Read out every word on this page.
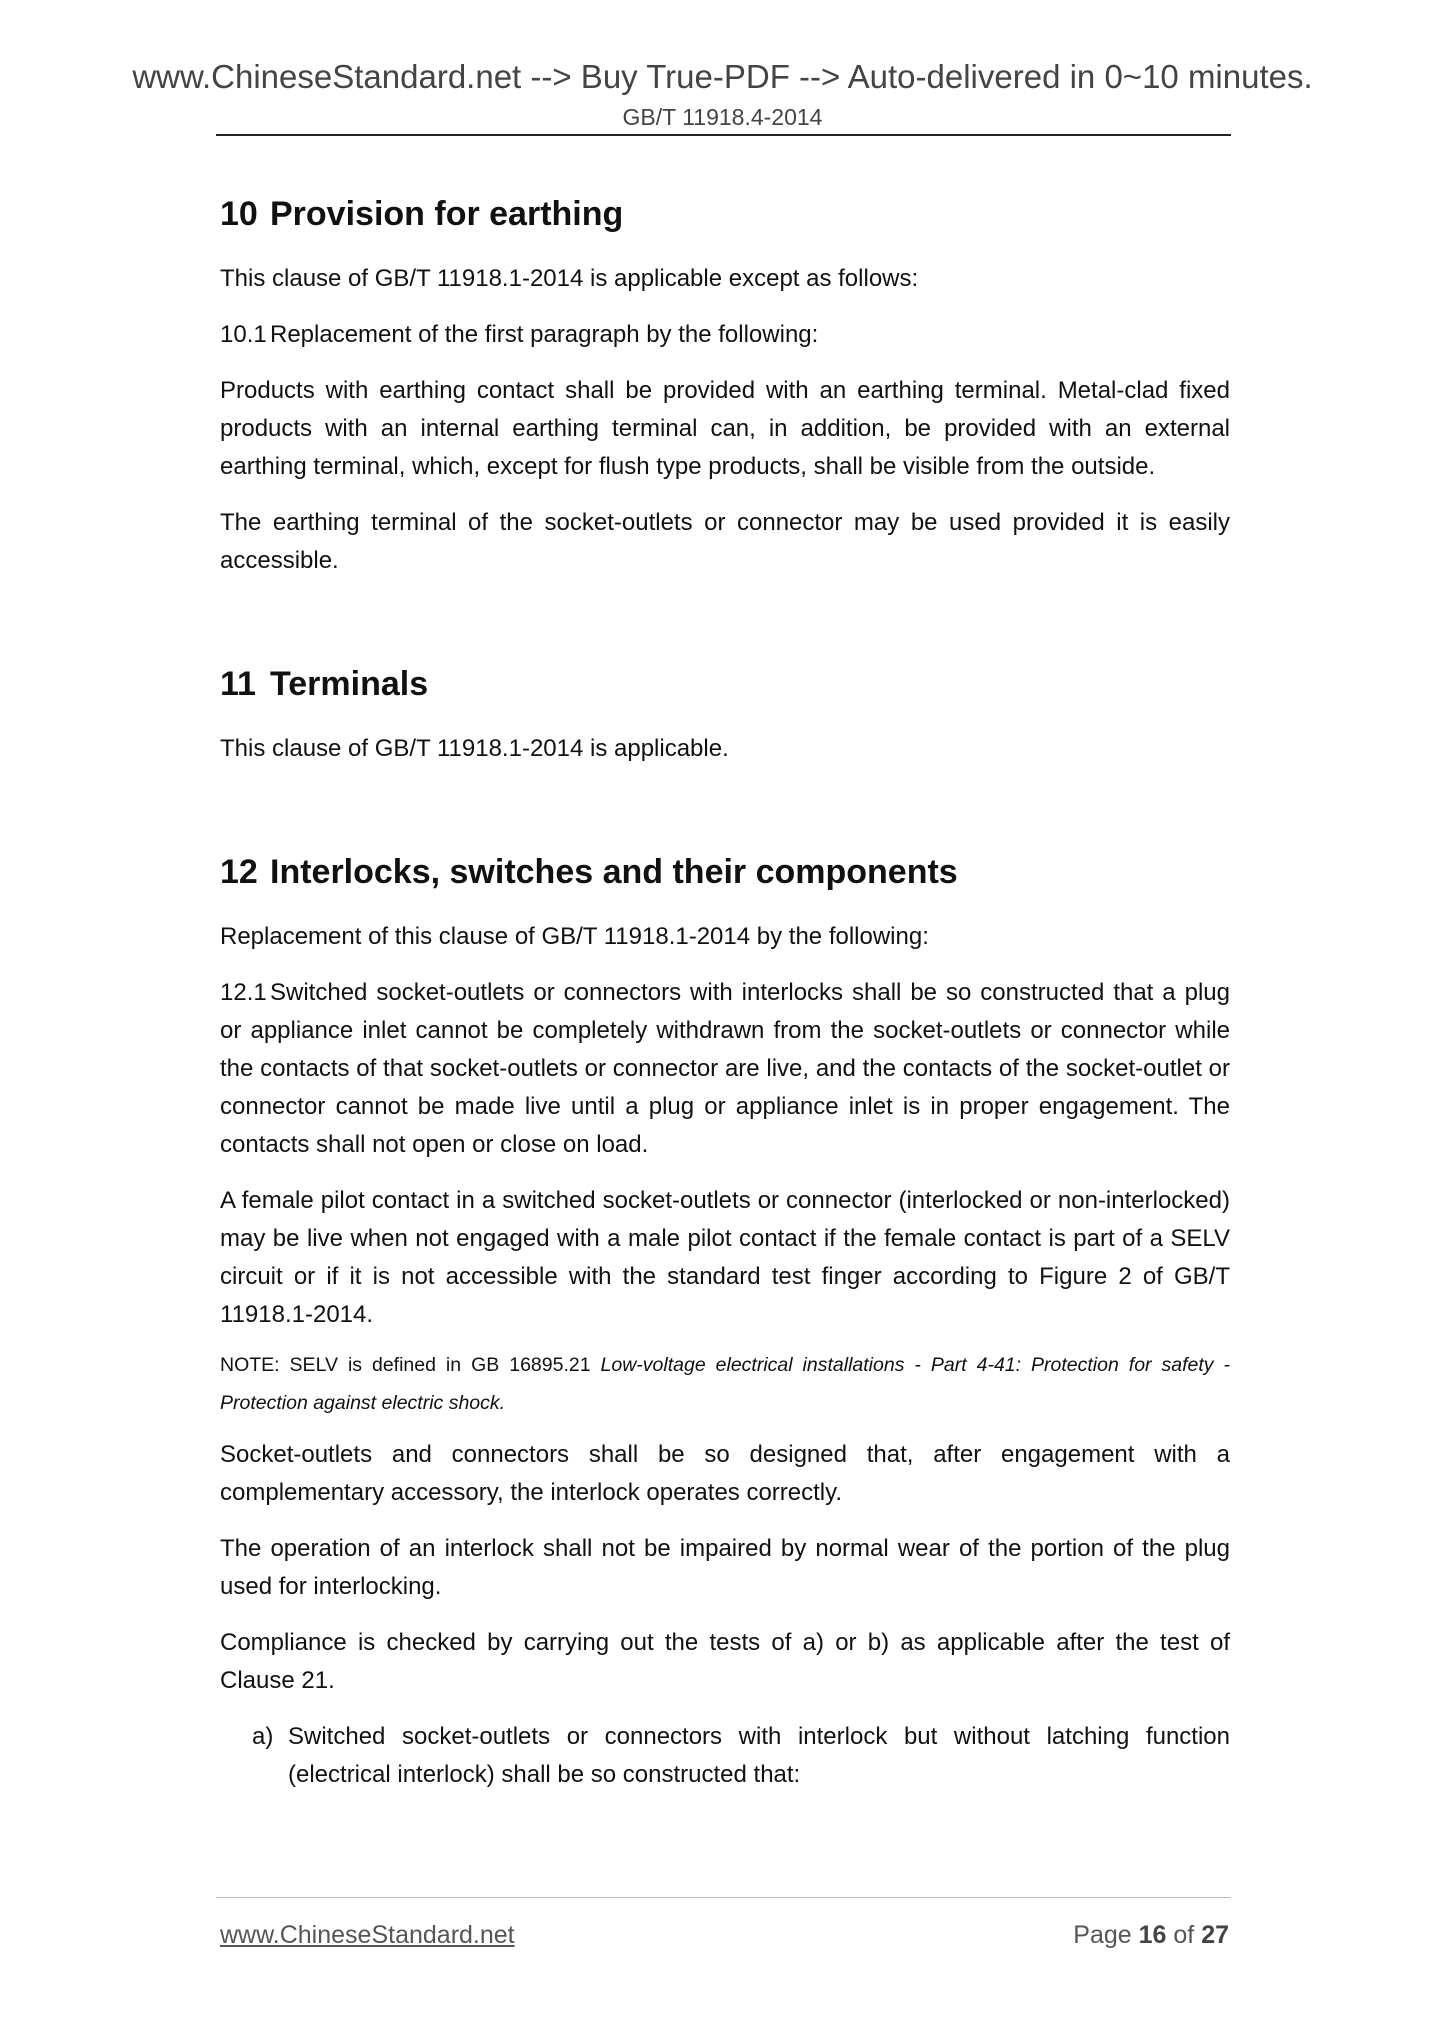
www.ChineseStandard.net --> Buy True-PDF --> Auto-delivered in 0~10 minutes.
GB/T 11918.4-2014
10 Provision for earthing

This clause of GB/T 11918.1-2014 is applicable except as follows:

10.1 Replacement of the first paragraph by the following:

Products with earthing contact shall be provided with an earthing terminal. Metal-clad fixed products with an internal earthing terminal can, in addition, be provided with an external earthing terminal, which, except for flush type products, shall be visible from the outside.

The earthing terminal of the socket-outlets or connector may be used provided it is easily accessible.

11 Terminals

This clause of GB/T 11918.1-2014 is applicable.

12 Interlocks, switches and their components

Replacement of this clause of GB/T 11918.1-2014 by the following:

12.1 Switched socket-outlets or connectors with interlocks shall be so constructed that a plug or appliance inlet cannot be completely withdrawn from the socket-outlets or connector while the contacts of that socket-outlets or connector are live, and the contacts of the socket-outlet or connector cannot be made live until a plug or appliance inlet is in proper engagement. The contacts shall not open or close on load.

A female pilot contact in a switched socket-outlets or connector (interlocked or non-interlocked) may be live when not engaged with a male pilot contact if the female contact is part of a SELV circuit or if it is not accessible with the standard test finger according to Figure 2 of GB/T 11918.1-2014.

NOTE: SELV is defined in GB 16895.21 Low-voltage electrical installations - Part 4-41: Protection for safety - Protection against electric shock.

Socket-outlets and connectors shall be so designed that, after engagement with a complementary accessory, the interlock operates correctly.

The operation of an interlock shall not be impaired by normal wear of the portion of the plug used for interlocking.

Compliance is checked by carrying out the tests of a) or b) as applicable after the test of Clause 21.

a) Switched socket-outlets or connectors with interlock but without latching function (electrical interlock) shall be so constructed that:
www.ChineseStandard.net	Page 16 of 27
